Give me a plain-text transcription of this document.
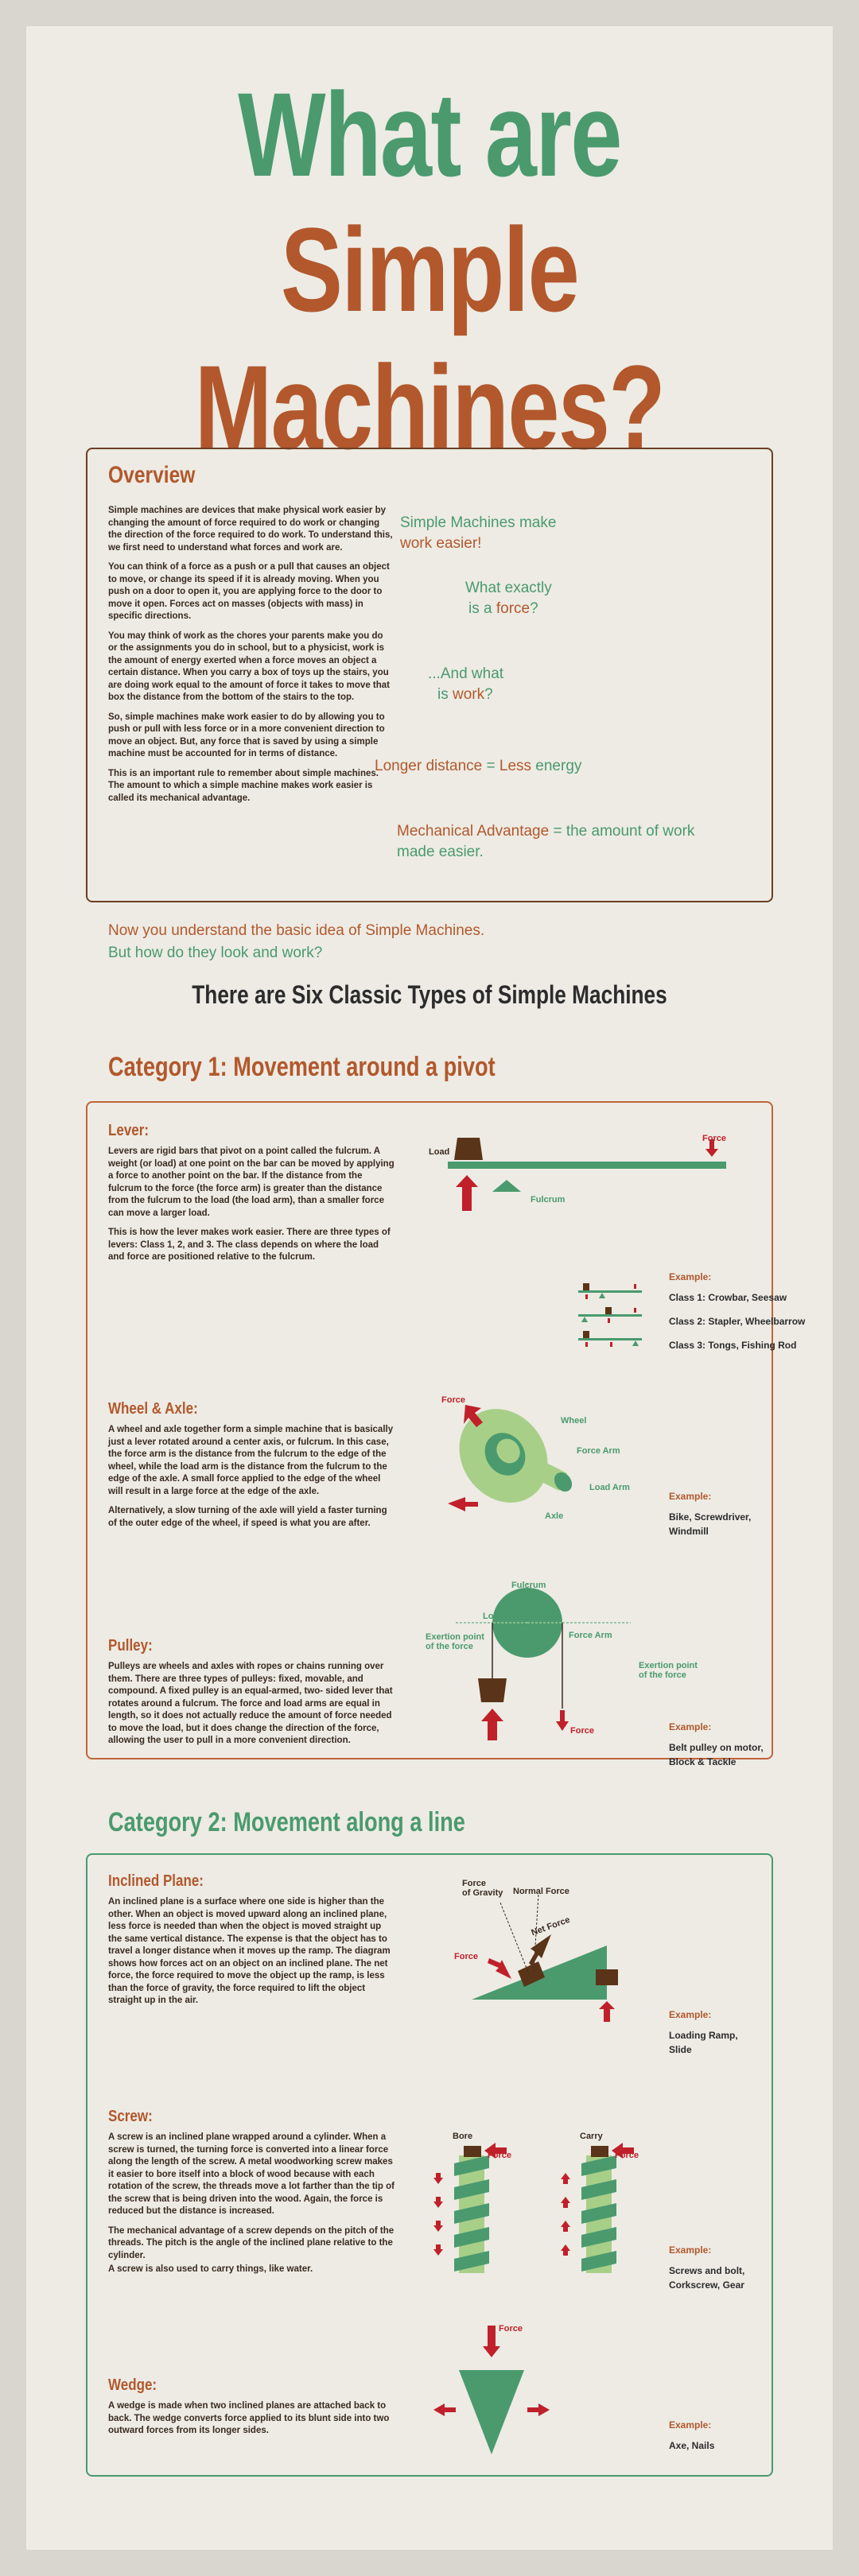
What are
Simple Machines?
Overview

Simple machines are devices that make physical work easier by changing the amount of force required to do work or changing the direction of the force required to do work. To understand this, we first need to understand what forces and work are.

You can think of a force as a push or a pull that causes an object to move, or change its speed if it is already moving. When you push on a door to open it, you are applying force to the door to move it open. Forces act on masses (objects with mass) in specific directions.

You may think of work as the chores your parents make you do or the assignments you do in school, but to a physicist, work is the amount of energy exerted when a force moves an object a certain distance. When you carry a box of toys up the stairs, you are doing work equal to the amount of force it takes to move that box the distance from the bottom of the stairs to the top.

So, simple machines make work easier to do by allowing you to push or pull with less force or in a more convenient direction to move an object. But, any force that is saved by using a simple machine must be accounted for in terms of distance.

This is an important rule to remember about simple machines. The amount to which a simple machine makes work easier is called its mechanical advantage.

Simple Machines make
work easier!
What exactly
is a force?
...And what
is work?
Longer distance = Less energy
Mechanical Advantage = the amount of work
made easier.
Now you understand the basic idea of Simple Machines.
But how do they look and work?
There are Six Classic Types of Simple Machines
Category 1: Movement around a pivot
Lever:

Levers are rigid bars that pivot on a point called the fulcrum. A weight (or load) at one point on the bar can be moved by applying a force to another point on the bar. If the distance from the fulcrum to the force (the force arm) is greater than the distance from the fulcrum to the load (the load arm), than a smaller force can move a larger load.

This is how the lever makes work easier. There are three types of levers: Class 1, 2, and 3. The class depends on where the load and force are positioned relative to the fulcrum.

Load
Force
Fulcrum
Example:
Class 1: Crowbar, Seesaw
Class 2: Stapler, Wheelbarrow
Class 3: Tongs, Fishing Rod
Wheel & Axle:

A wheel and axle together form a simple machine that is basically just a lever rotated around a center axis, or fulcrum. In this case, the force arm is the distance from the fulcrum to the edge of the wheel, while the load arm is the distance from the fulcrum to the edge of the axle. A small force applied to the edge of the wheel will result in a large force at the edge of the axle.

Alternatively, a slow turning of the axle will yield a faster turning of the outer edge of the wheel, if speed is what you are after.

Force
Wheel
Force Arm
Load Arm
Axle
Example:
Bike, Screwdriver,
Windmill
Pulley:

Pulleys are wheels and axles with ropes or chains running over them. There are three types of pulleys: fixed, movable, and compound. A fixed pulley is an equal-armed, two- sided lever that rotates around a fulcrum. The force and load arms are equal in length, so it does not actually reduce the amount of force needed to move the load, but it does change the direction of the force, allowing the user to pull in a more convenient direction.

Fulcrum
Load Arm
Force Arm
Exertion point
of the force
Exertion point
of the force
Force	Example:
Belt pulley on motor,
Block & Tackle
Category 2: Movement along a line
Inclined Plane:

An inclined plane is a surface where one side is higher than the other. When an object is moved upward along an inclined plane, less force is needed than when the object is moved straight up the same vertical distance. The expense is that the object has to travel a longer distance when it moves up the ramp. The diagram shows how forces act on an object on an inclined plane. The net force, the force required to move the object up the ramp, is less than the force of gravity, the force required to lift the object straight up in the air.

Force
of Gravity Normal Force
Net Force
Force
Example:
Loading Ramp,
Slide
Screw:

A screw is an inclined plane wrapped around a cylinder. When a screw is turned, the turning force is converted into a linear force along the length of the screw. A metal woodworking screw makes it easier to bore itself into a block of wood because with each rotation of the screw, the threads move a lot farther than the tip of the screw that is being driven into the wood. Again, the force is reduced but the distance is increased.

The mechanical advantage of a screw depends on the pitch of the threads. The pitch is the angle of the inclined plane relative to the cylinder.

A screw is also used to carry things, like water.

Bore	Carry
Force	Force
Example:
Screws and bolt,
Corkscrew, Gear
Wedge:

A wedge is made when two inclined planes are attached back to back. The wedge converts force applied to its blunt side into two outward forces from its longer sides.

Force
Example:
Axe, Nails
